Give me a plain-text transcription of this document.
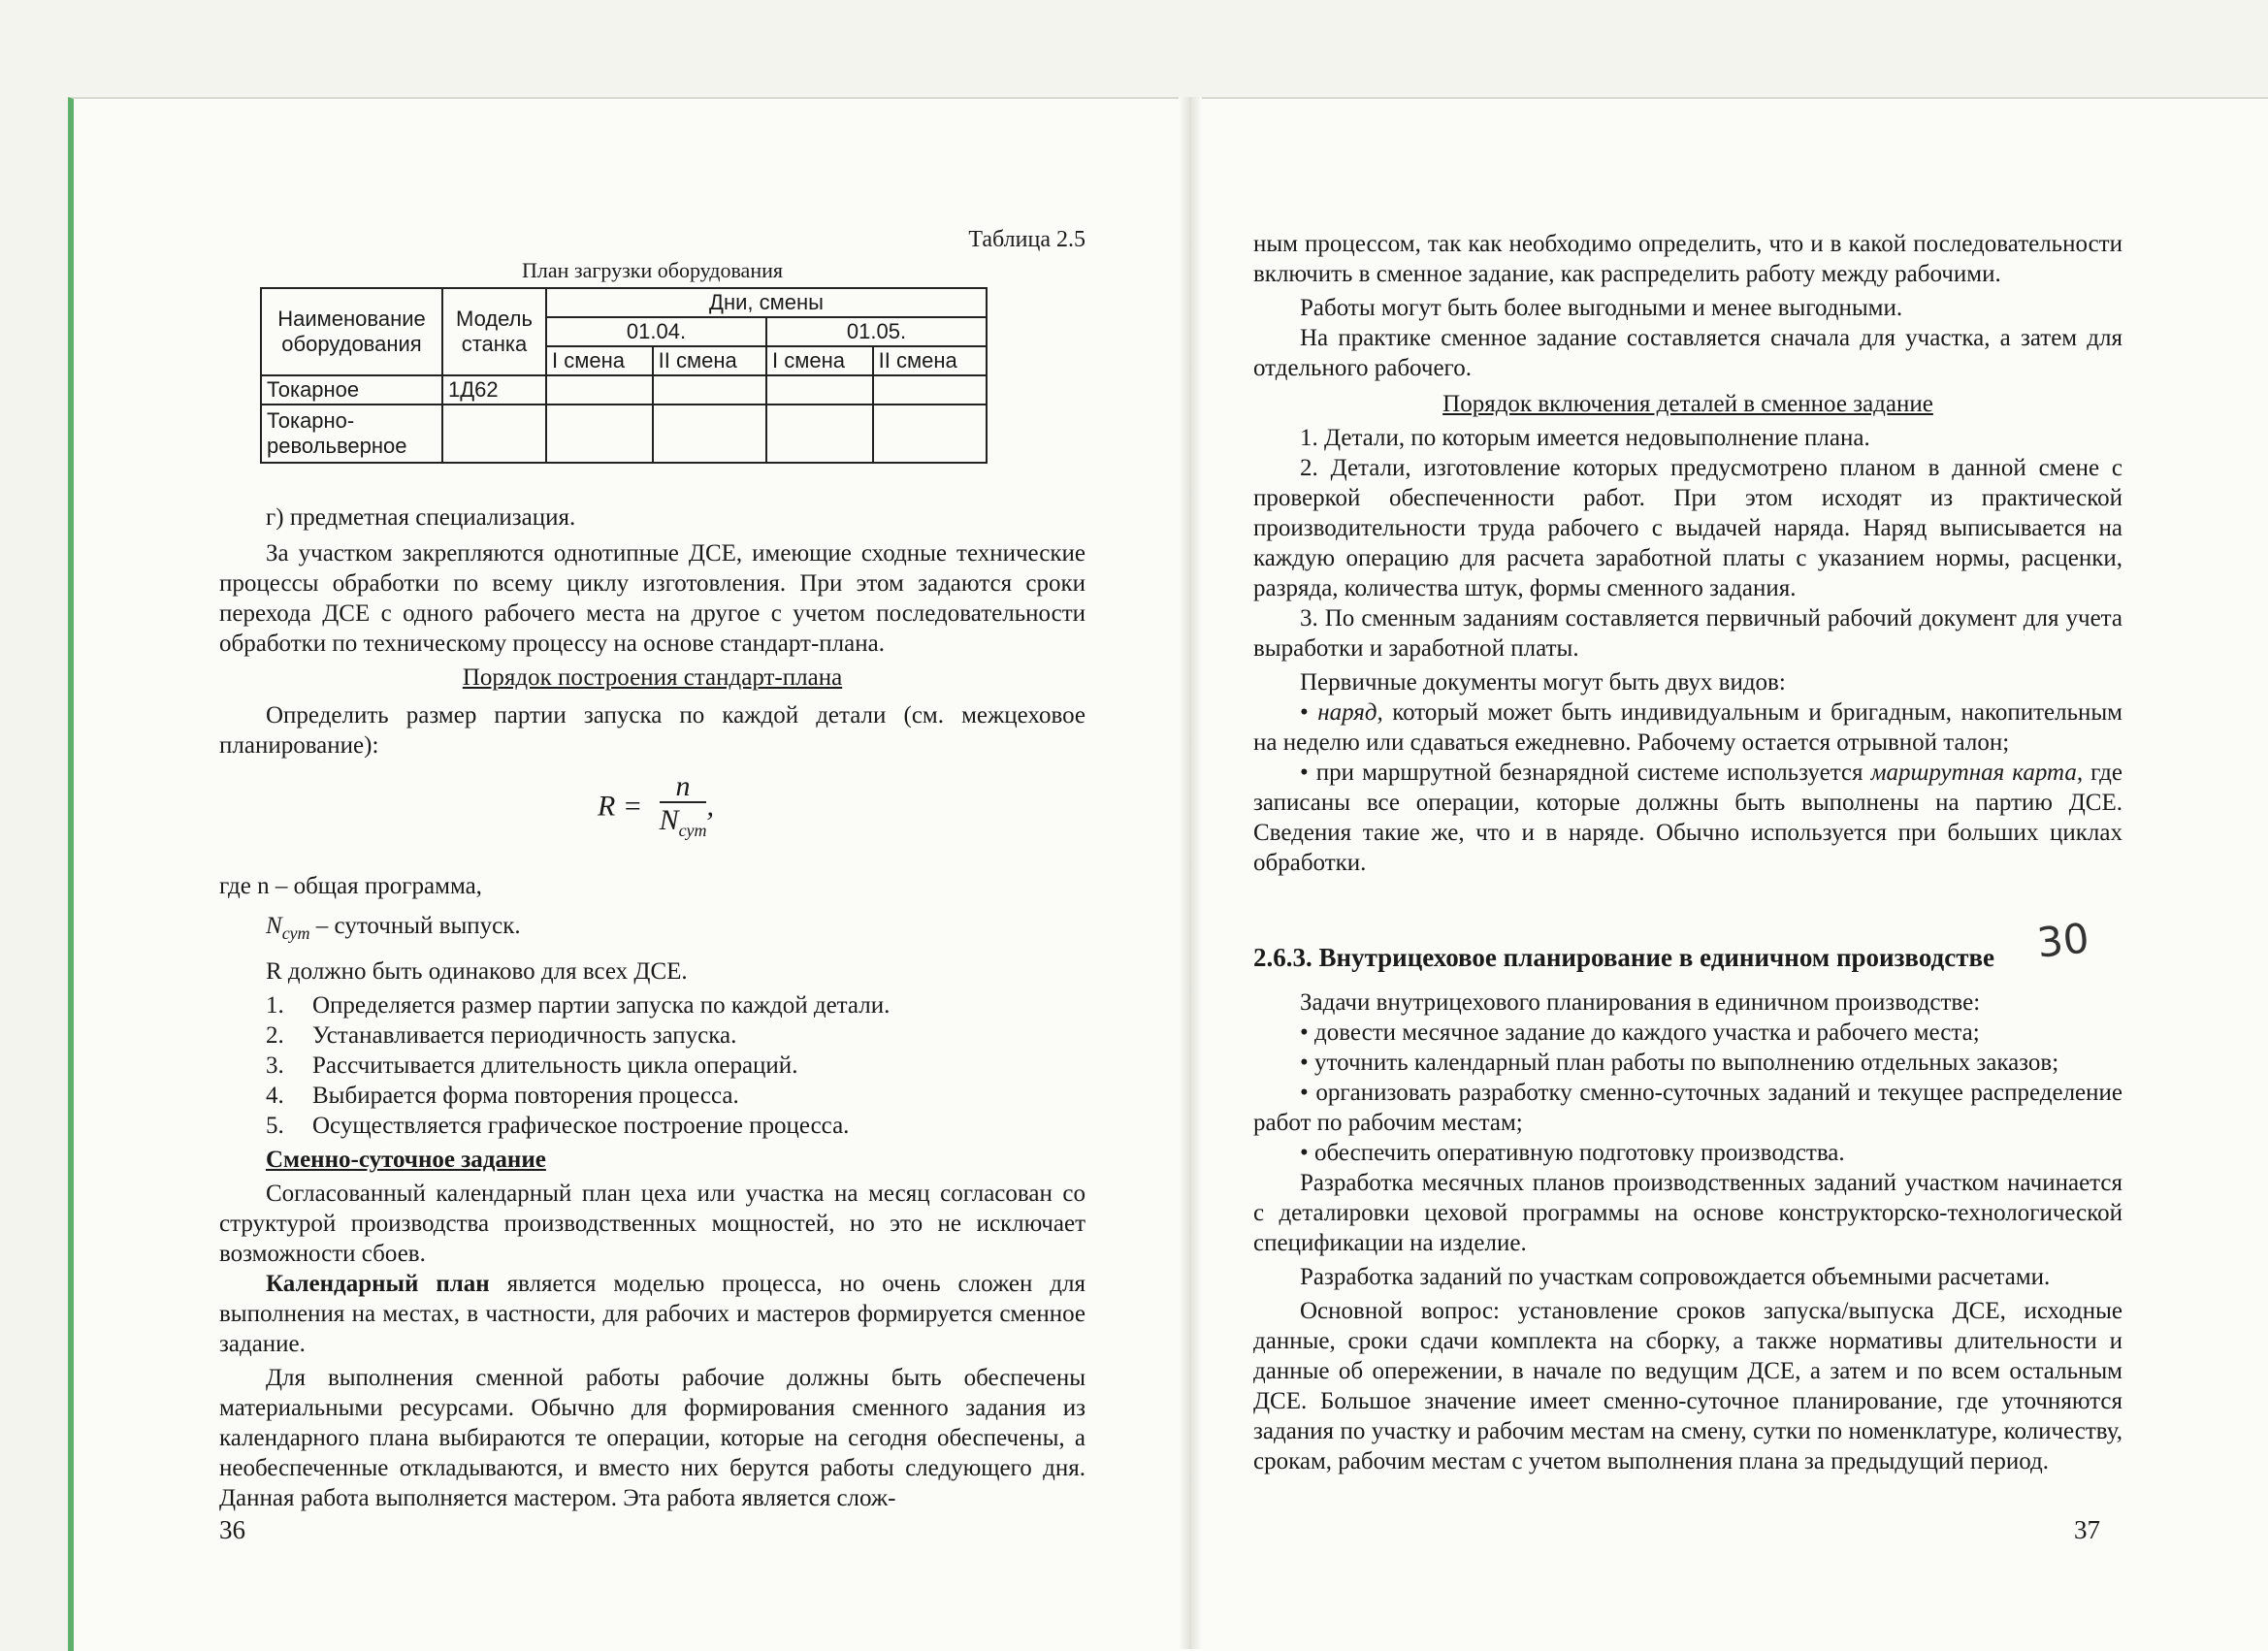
Таблица 2.5
План загрузки оборудования
Наименование оборудования	Модель станка	Дни, смены			
		01.04.		01.05.	
		I смена	II смена	I смена	II смена
Токарное	1Д62				
Токарно-револьверное					

г) предметная специализация.

За участком закрепляются однотипные ДСЕ, имеющие сходные технические процессы обработки по всему циклу изготовления. При этом задаются сроки перехода ДСЕ с одного рабочего места на другое с учетом последовательности обработки по техническому процессу на основе стандарт-плана.

Порядок построения стандарт-плана

Определить размер партии запуска по каждой детали (см. межцеховое планирование):

$R = \frac{n}{N_{сут}}$ ,

где n – общая программа,

$N_{сут}$ – суточный выпуск.

R должно быть одинаково для всех ДСЕ.

1.	Определяется размер партии запуска по каждой детали.
2.	Устанавливается периодичность запуска.
3.	Рассчитывается длительность цикла операций.
4.	Выбирается форма повторения процесса.
5.	Осуществляется графическое построение процесса.

Сменно-суточное задание

Согласованный календарный план цеха или участка на месяц согласован со структурой производства производственных мощностей, но это не исключает возможности сбоев.

Календарный план является моделью процесса, но очень сложен для выполнения на местах, в частности, для рабочих и мастеров формируется сменное задание.

Для выполнения сменной работы рабочие должны быть обеспечены материальными ресурсами. Обычно для формирования сменного задания из календарного плана выбираются те операции, которые на сегодня обеспечены, а необеспеченные откладываются, и вместо них берутся работы следующего дня. Данная работа выполняется мастером. Эта работа является слож-

36

ным процессом, так как необходимо определить, что и в какой последовательности включить в сменное задание, как распределить работу между рабочими.

Работы могут быть более выгодными и менее выгодными.

На практике сменное задание составляется сначала для участка, а затем для отдельного рабочего.

Порядок включения деталей в сменное задание

1. Детали, по которым имеется недовыполнение плана.

2. Детали, изготовление которых предусмотрено планом в данной смене с проверкой обеспеченности работ. При этом исходят из практической производительности труда рабочего с выдачей наряда. Наряд выписывается на каждую операцию для расчета заработной платы с указанием нормы, расценки, разряда, количества штук, формы сменного задания.

3. По сменным заданиям составляется первичный рабочий документ для учета выработки и заработной платы.

Первичные документы могут быть двух видов:

• наряд, который может быть индивидуальным и бригадным, накопительным на неделю или сдаваться ежедневно. Рабочему остается отрывной талон;

• при маршрутной безнарядной системе используется маршрутная карта, где записаны все операции, которые должны быть выполнены на партию ДСЕ. Сведения такие же, что и в наряде. Обычно используется при больших циклах обработки.

2.6.3. Внутрицеховое планирование в единичном производстве

Задачи внутрицехового планирования в единичном производстве:

• довести месячное задание до каждого участка и рабочего места;

• уточнить календарный план работы по выполнению отдельных заказов;

• организовать разработку сменно-суточных заданий и текущее распределение работ по рабочим местам;

• обеспечить оперативную подготовку производства.

Разработка месячных планов производственных заданий участком начинается с деталировки цеховой программы на основе конструкторско-технологической спецификации на изделие.

Разработка заданий по участкам сопровождается объемными расчетами.

Основной вопрос: установление сроков запуска/выпуска ДСЕ, исходные данные, сроки сдачи комплекта на сборку, а также нормативы длительности и данные об опережении, в начале по ведущим ДСЕ, а затем и по всем остальным ДСЕ. Большое значение имеет сменно-суточное планирование, где уточняются задания по участку и рабочим местам на смену, сутки по номенклатуре, количеству, срокам, рабочим местам с учетом выполнения плана за предыдущий период.

37
30
